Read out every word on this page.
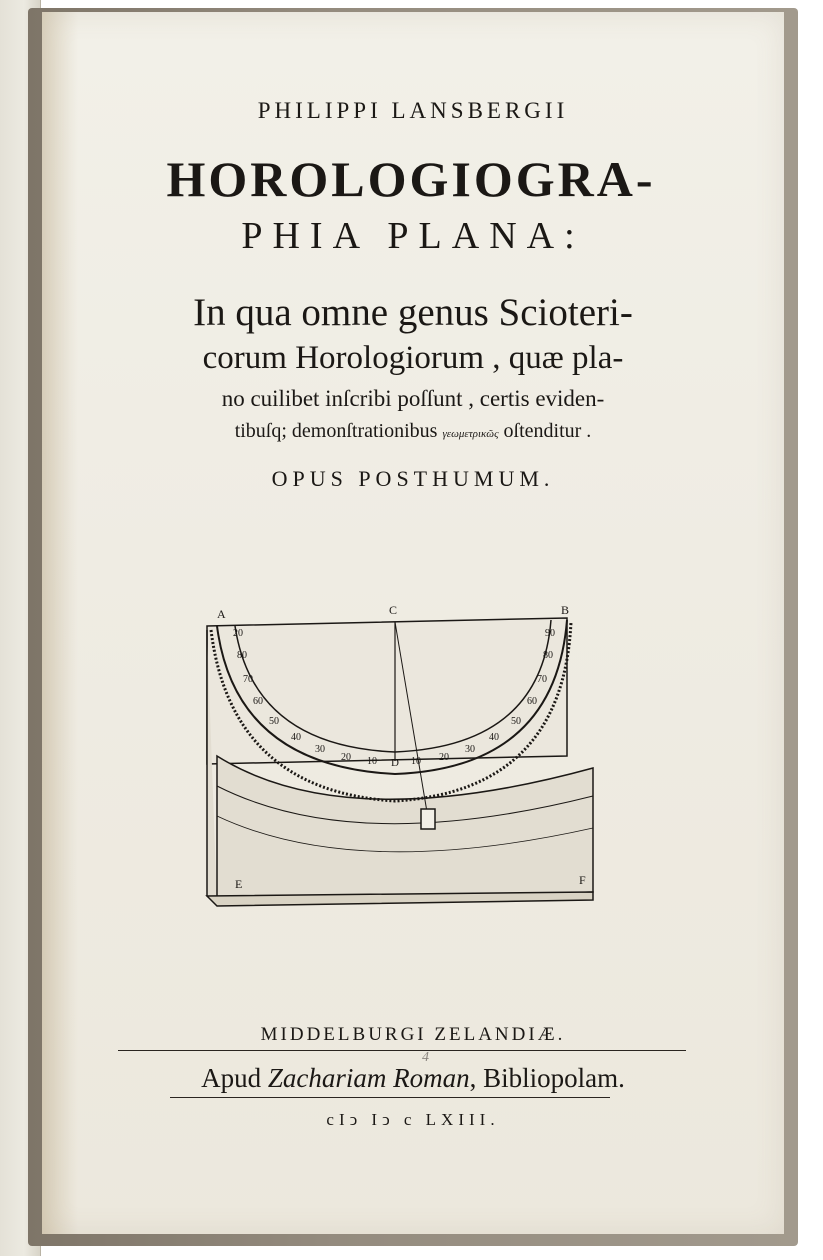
PHILIPPI LANSBERGII
HOROLOGIOGRA-
PHIA PLANA:
In qua omne genus Scioteri-
corum Horologiorum , quæ pla-
no cuilibet inſcribi poſſunt , certis eviden-
tibuſq; demonſtrationibus γεωμετρικῶς oſtenditur .
OPUS POSTHUMUM.
A	C	B
D
E	F
20
80
70
60
50
40
30
20 10	10 20
30
40
50
60
70
80
90
MIDDELBURGI ZELANDIÆ.
Apud Zachariam Roman, Bibliopolam.
cIↄ Iↄ c LXIII.
4
